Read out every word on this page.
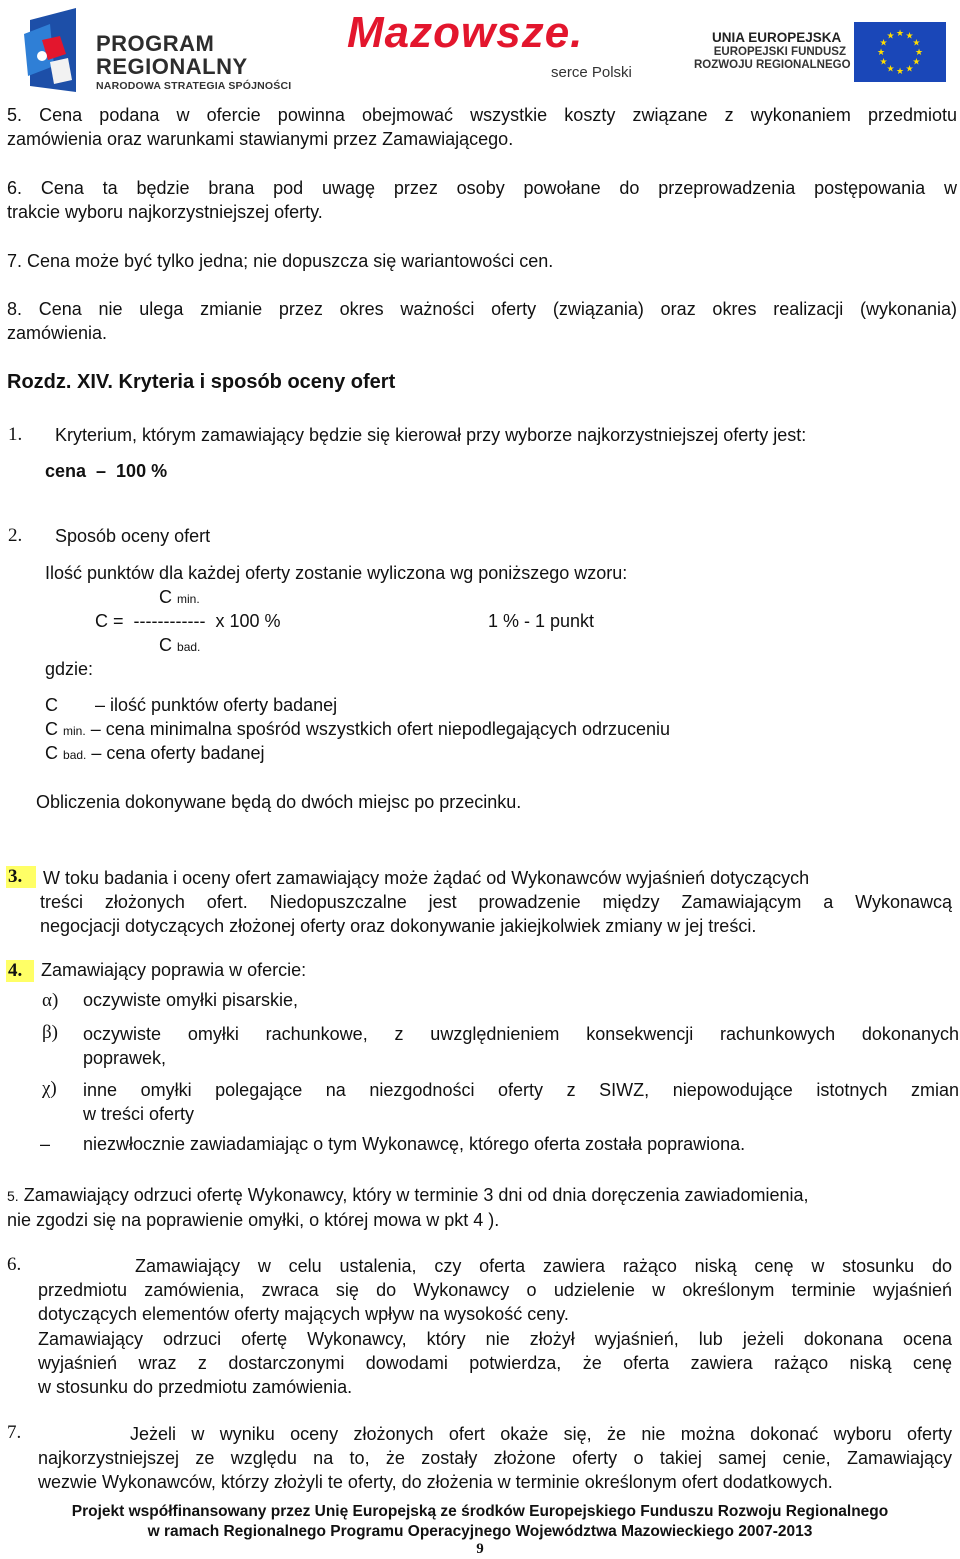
PROGRAM
REGIONALNY
NARODOWA STRATEGIA SPÓJNOŚCI
Mazowsze.
serce Polski
UNIA EUROPEJSKA
EUROPEJSKI FUNDUSZ
ROZWOJU REGIONALNEGO
★ ★
★
★
★
★
★
★
★
★
★
★
5. Cena podana w ofercie powinna obejmować wszystkie koszty związane z wykonaniem przedmiotu
zamówienia oraz warunkami stawianymi przez Zamawiającego.
6. Cena ta będzie brana pod uwagę przez osoby powołane do przeprowadzenia postępowania w
trakcie wyboru najkorzystniejszej oferty.
7. Cena może być tylko jedna; nie dopuszcza się wariantowości cen.
8. Cena nie ulega zmianie przez okres ważności oferty (związania) oraz okres realizacji (wykonania)
zamówienia.
Rozdz. XIV. Kryteria i sposób oceny ofert
1. Kryterium, którym zamawiający będzie się kierował przy wyborze najkorzystniejszej oferty jest:
cena  –  100 %
2. Sposób oceny ofert
Ilość punktów dla każdej oferty zostanie wyliczona wg poniższego wzoru:
C min.
C =  ------------  x 100 %	1 % - 1 punkt
C bad.
gdzie:
C – ilość punktów oferty badanej
C min. – cena minimalna spośród wszystkich ofert niepodlegających odrzuceniu
C bad. – cena oferty badanej
Obliczenia dokonywane będą do dwóch miejsc po przecinku.
3.	W toku badania i oceny ofert zamawiający może żądać od Wykonawców wyjaśnień dotyczących
treści złożonych ofert. Niedopuszczalne jest prowadzenie między Zamawiającym a Wykonawcą
negocjacji dotyczących złożonej oferty oraz dokonywanie jakiejkolwiek zmiany w jej treści.
4.	Zamawiający poprawia w ofercie:
α) oczywiste omyłki pisarskie,
β) oczywiste omyłki rachunkowe, z uwzględnieniem konsekwencji rachunkowych dokonanych
poprawek,
χ) inne omyłki polegające na niezgodności oferty z SIWZ, niepowodujące istotnych zmian
w treści oferty
– niezwłocznie zawiadamiając o tym Wykonawcę, którego oferta została poprawiona.
5. Zamawiający odrzuci ofertę Wykonawcy, który w terminie 3 dni od dnia doręczenia zawiadomienia,
nie zgodzi się na poprawienie omyłki, o której mowa w pkt 4 ).
6.	Zamawiający w celu ustalenia, czy oferta zawiera rażąco niską cenę w stosunku do
przedmiotu zamówienia, zwraca się do Wykonawcy o udzielenie w określonym terminie wyjaśnień
dotyczących elementów oferty mających wpływ na wysokość ceny.
Zamawiający odrzuci ofertę Wykonawcy, który nie złożył wyjaśnień, lub jeżeli dokonana ocena
wyjaśnień wraz z dostarczonymi dowodami potwierdza, że oferta zawiera rażąco niską cenę
w stosunku do przedmiotu zamówienia.
7.	Jeżeli w wyniku oceny złożonych ofert okaże się, że nie można dokonać wyboru oferty
najkorzystniejszej ze względu na to, że zostały złożone oferty o takiej samej cenie, Zamawiający
wezwie Wykonawców, którzy złożyli te oferty, do złożenia w terminie określonym ofert dodatkowych.
Projekt współfinansowany przez Unię Europejską ze środków Europejskiego Funduszu Rozwoju Regionalnego
w ramach Regionalnego Programu Operacyjnego Województwa Mazowieckiego 2007-2013
9
